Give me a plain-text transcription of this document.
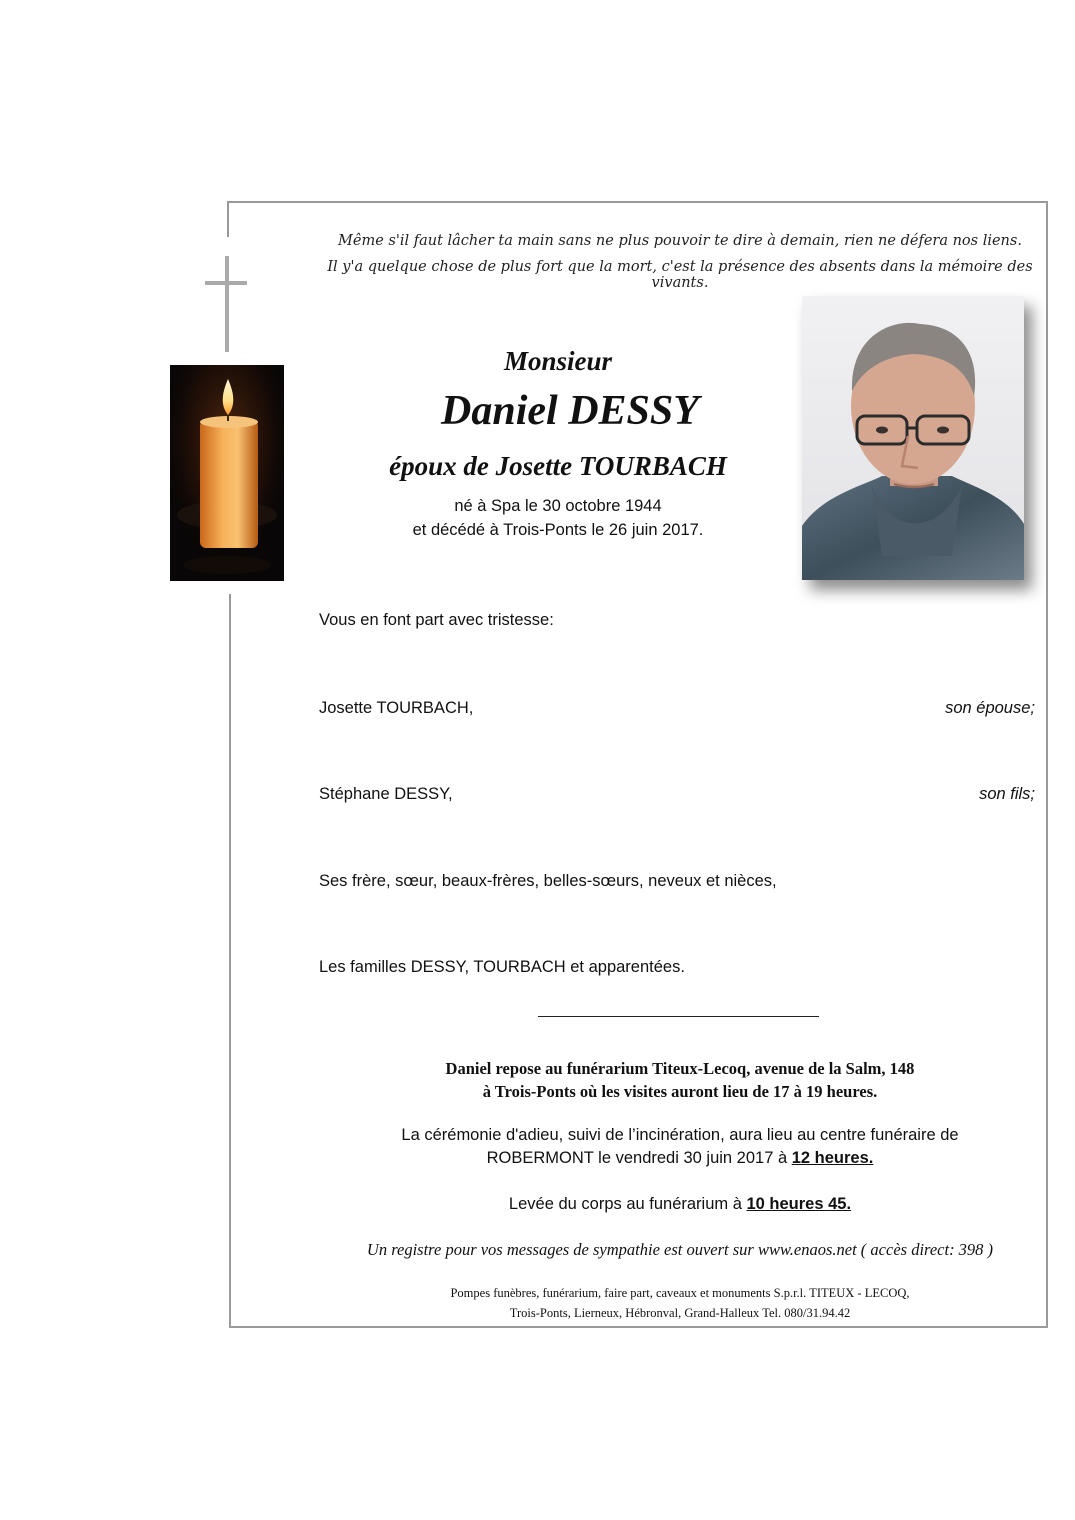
Même s'il faut lâcher ta main sans ne plus pouvoir te dire à demain, rien ne défera nos liens.
Il y'a quelque chose de plus fort que la mort, c'est la présence des absents dans la mémoire des vivants.
Monsieur
Daniel DESSY
époux de Josette TOURBACH
né à Spa le 30 octobre 1944
et décédé à Trois-Ponts le 26 juin 2017.
Vous en font part avec tristesse:
Josette TOURBACH,	son épouse;
Stéphane DESSY,	son fils;
Ses frère, sœur, beaux-frères, belles-sœurs, neveux et nièces,
Les familles DESSY, TOURBACH et apparentées.
Daniel repose au funérarium Titeux-Lecoq, avenue de la Salm, 148
à Trois-Ponts où les visites auront lieu de 17 à 19 heures.
La cérémonie d'adieu, suivi de l’incinération, aura lieu au centre funéraire de
ROBERMONT le vendredi 30 juin 2017 à 12 heures.
Levée du corps au funérarium à 10 heures 45.
Un registre pour vos messages de sympathie est ouvert sur www.enaos.net ( accès direct: 398 )
Pompes funèbres, funérarium, faire part, caveaux et monuments S.p.r.l. TITEUX - LECOQ,
Trois-Ponts, Lierneux, Hébronval, Grand-Halleux Tel. 080/31.94.42
